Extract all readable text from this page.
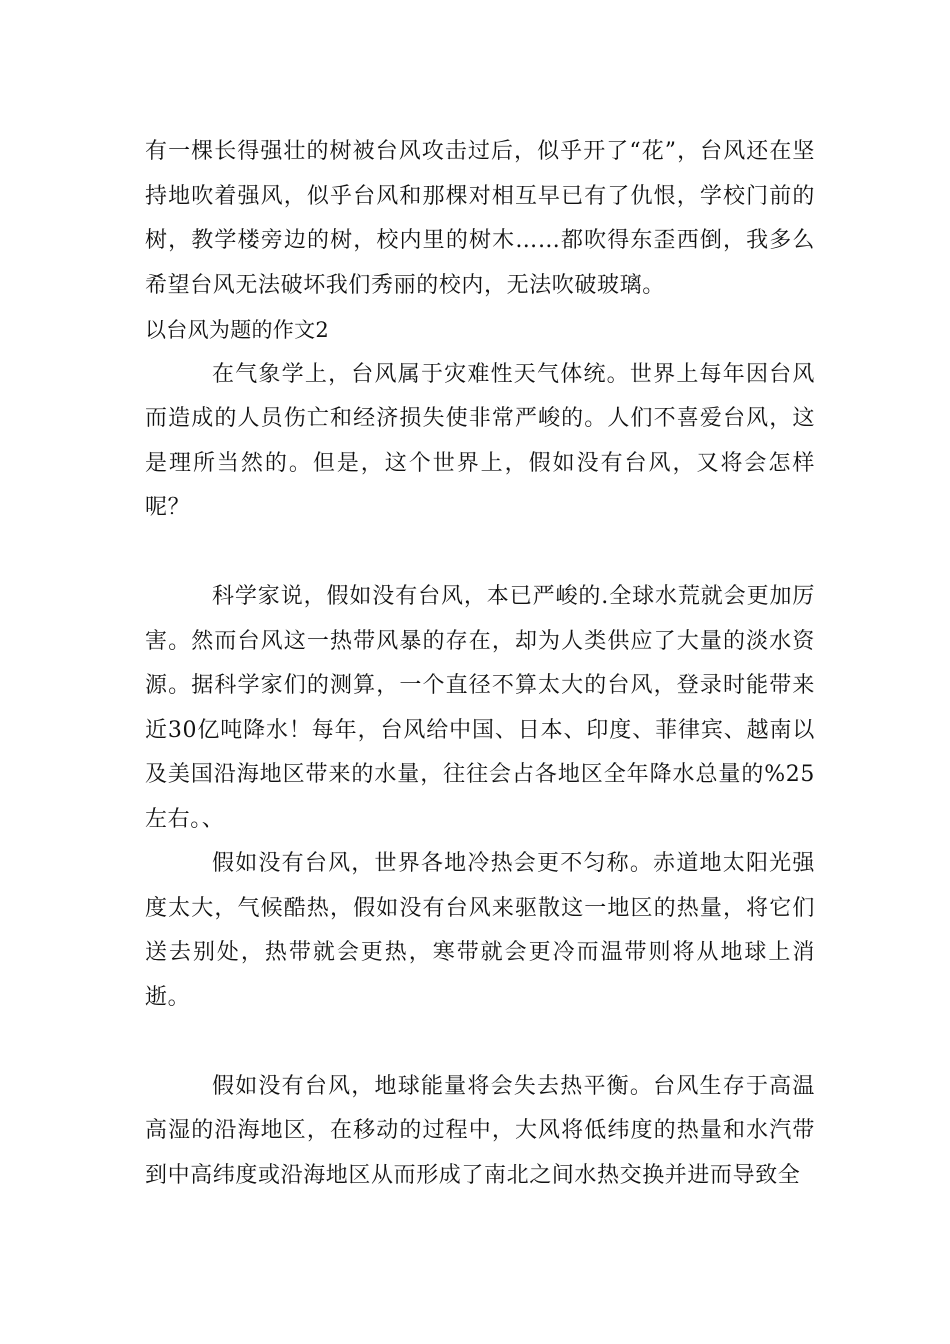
有一棵长得强壮的树被台风攻击过后，似乎开了“花”，台风还在坚持地吹着强风，似乎台风和那棵对相互早已有了仇恨，学校门前的树，教学楼旁边的树，校内里的树木……都吹得东歪西倒，我多么希望台风无法破坏我们秀丽的校内，无法吹破玻璃。

以台风为题的作文2

在气象学上，台风属于灾难性天气体统。世界上每年因台风而造成的人员伤亡和经济损失使非常严峻的。人们不喜爱台风，这是理所当然的。但是，这个世界上，假如没有台风，又将会怎样呢？

科学家说，假如没有台风，本已严峻的.全球水荒就会更加厉害。然而台风这一热带风暴的存在，却为人类供应了大量的淡水资源。据科学家们的测算，一个直径不算太大的台风，登录时能带来近30亿吨降水！每年，台风给中国、日本、印度、菲律宾、越南以及美国沿海地区带来的水量，往往会占各地区全年降水总量的%25左右。、

假如没有台风，世界各地冷热会更不匀称。赤道地太阳光强度太大，气候酷热，假如没有台风来驱散这一地区的热量，将它们送去别处，热带就会更热，寒带就会更冷而温带则将从地球上消逝。

假如没有台风，地球能量将会失去热平衡。台风生存于高温高湿的沿海地区，在移动的过程中，大风将低纬度的热量和水汽带到中高纬度或沿海地区从而形成了南北之间水热交换并进而导致全
